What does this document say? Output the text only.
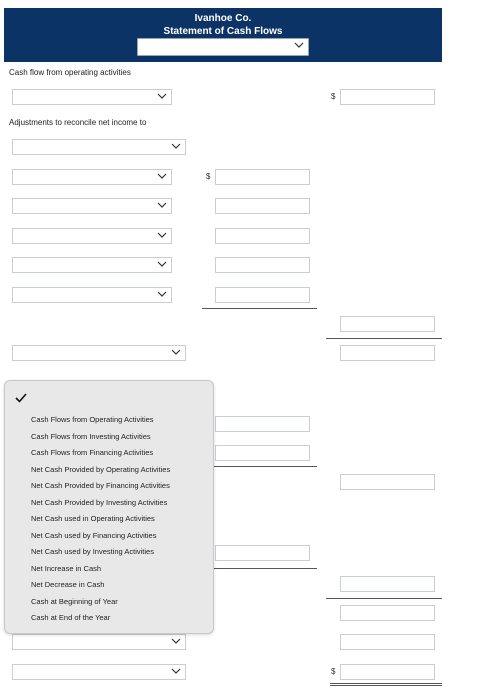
Ivanhoe Co.
Statement of Cash Flows
Cash flow from operating activities
$
Adjustments to reconcile net income to
$
$
Cash Flows from Operating Activities
Cash Flows from Investing Activities
Cash Flows from Financing Activities
Net Cash Provided by Operating Activities
Net Cash Provided by Financing Activities
Net Cash Provided by Investing Activities
Net Cash used in Operating Activities
Net Cash used by Financing Activities
Net Cash used by Investing Activities
Net Increase in Cash
Net Decrease in Cash
Cash at Beginning of Year
Cash at End of the Year
